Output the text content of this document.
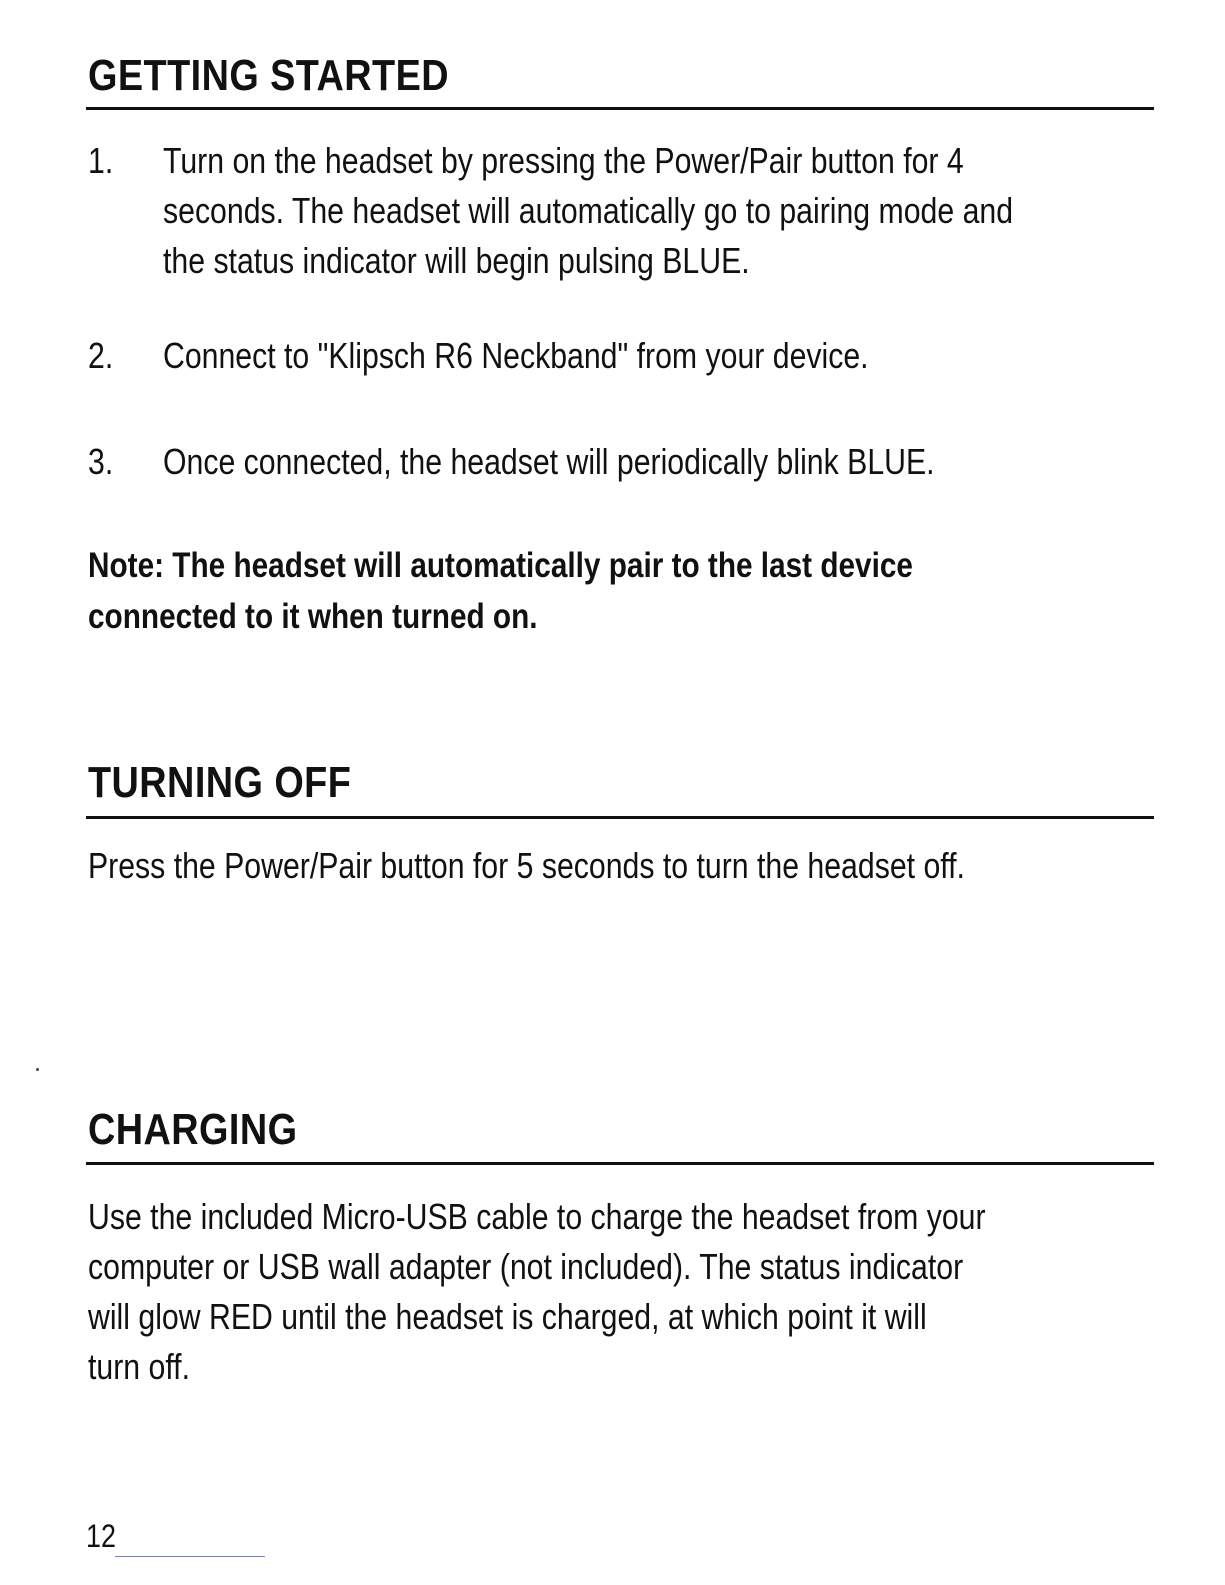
GETTING STARTED
1. Turn on the headset by pressing the Power/Pair button for 4
seconds. The headset will automatically go to pairing mode and
the status indicator will begin pulsing BLUE.
2. Connect to "Klipsch R6 Neckband" from your device.
3. Once connected, the headset will periodically blink BLUE.
Note: The headset will automatically pair to the last device
connected to it when turned on.
TURNING OFF
Press the Power/Pair button for 5 seconds to turn the headset off.
CHARGING
Use the included Micro-USB cable to charge the headset from your
computer or USB wall adapter (not included). The status indicator
will glow RED until the headset is charged, at which point it will
turn off.
12
